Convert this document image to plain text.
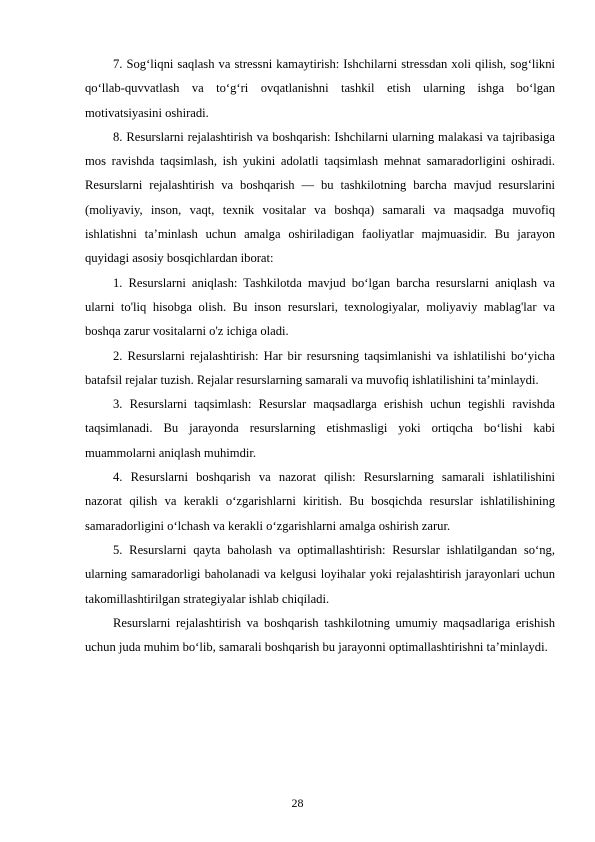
7. Sogʻliqni saqlash va stressni kamaytirish: Ishchilarni stressdan xoli qilish, sogʻlikni qoʻllab-quvvatlash va toʻgʻri ovqatlanishni tashkil etish ularning ishga boʻlgan motivatsiyasini oshiradi.

8. Resurslarni rejalashtirish va boshqarish: Ishchilarni ularning malakasi va tajribasiga mos ravishda taqsimlash, ish yukini adolatli taqsimlash mehnat samaradorligini oshiradi. Resurslarni rejalashtirish va boshqarish — bu tashkilotning barcha mavjud resurslarini (moliyaviy, inson, vaqt, texnik vositalar va boshqa) samarali va maqsadga muvofiq ishlatishni taʼminlash uchun amalga oshiriladigan faoliyatlar majmuasidir. Bu jarayon quyidagi asosiy bosqichlardan iborat:

1. Resurslarni aniqlash: Tashkilotda mavjud boʻlgan barcha resurslarni aniqlash va ularni to'liq hisobga olish. Bu inson resurslari, texnologiyalar, moliyaviy mablag'lar va boshqa zarur vositalarni o'z ichiga oladi.

2. Resurslarni rejalashtirish: Har bir resursning taqsimlanishi va ishlatilishi boʻyicha batafsil rejalar tuzish. Rejalar resurslarning samarali va muvofiq ishlatilishini taʼminlaydi.

3. Resurslarni taqsimlash: Resurslar maqsadlarga erishish uchun tegishli ravishda taqsimlanadi. Bu jarayonda resurslarning etishmasligi yoki ortiqcha boʻlishi kabi muammolarni aniqlash muhimdir.

4. Resurslarni boshqarish va nazorat qilish: Resurslarning samarali ishlatilishini nazorat qilish va kerakli oʻzgarishlarni kiritish. Bu bosqichda resurslar ishlatilishining samaradorligini oʻlchash va kerakli oʻzgarishlarni amalga oshirish zarur.

5. Resurslarni qayta baholash va optimallashtirish: Resurslar ishlatilgandan soʻng, ularning samaradorligi baholanadi va kelgusi loyihalar yoki rejalashtirish jarayonlari uchun takomillashtirilgan strategiyalar ishlab chiqiladi.

Resurslarni rejalashtirish va boshqarish tashkilotning umumiy maqsadlariga erishish uchun juda muhim boʻlib, samarali boshqarish bu jarayonni optimallashtirishni taʼminlaydi.

28
